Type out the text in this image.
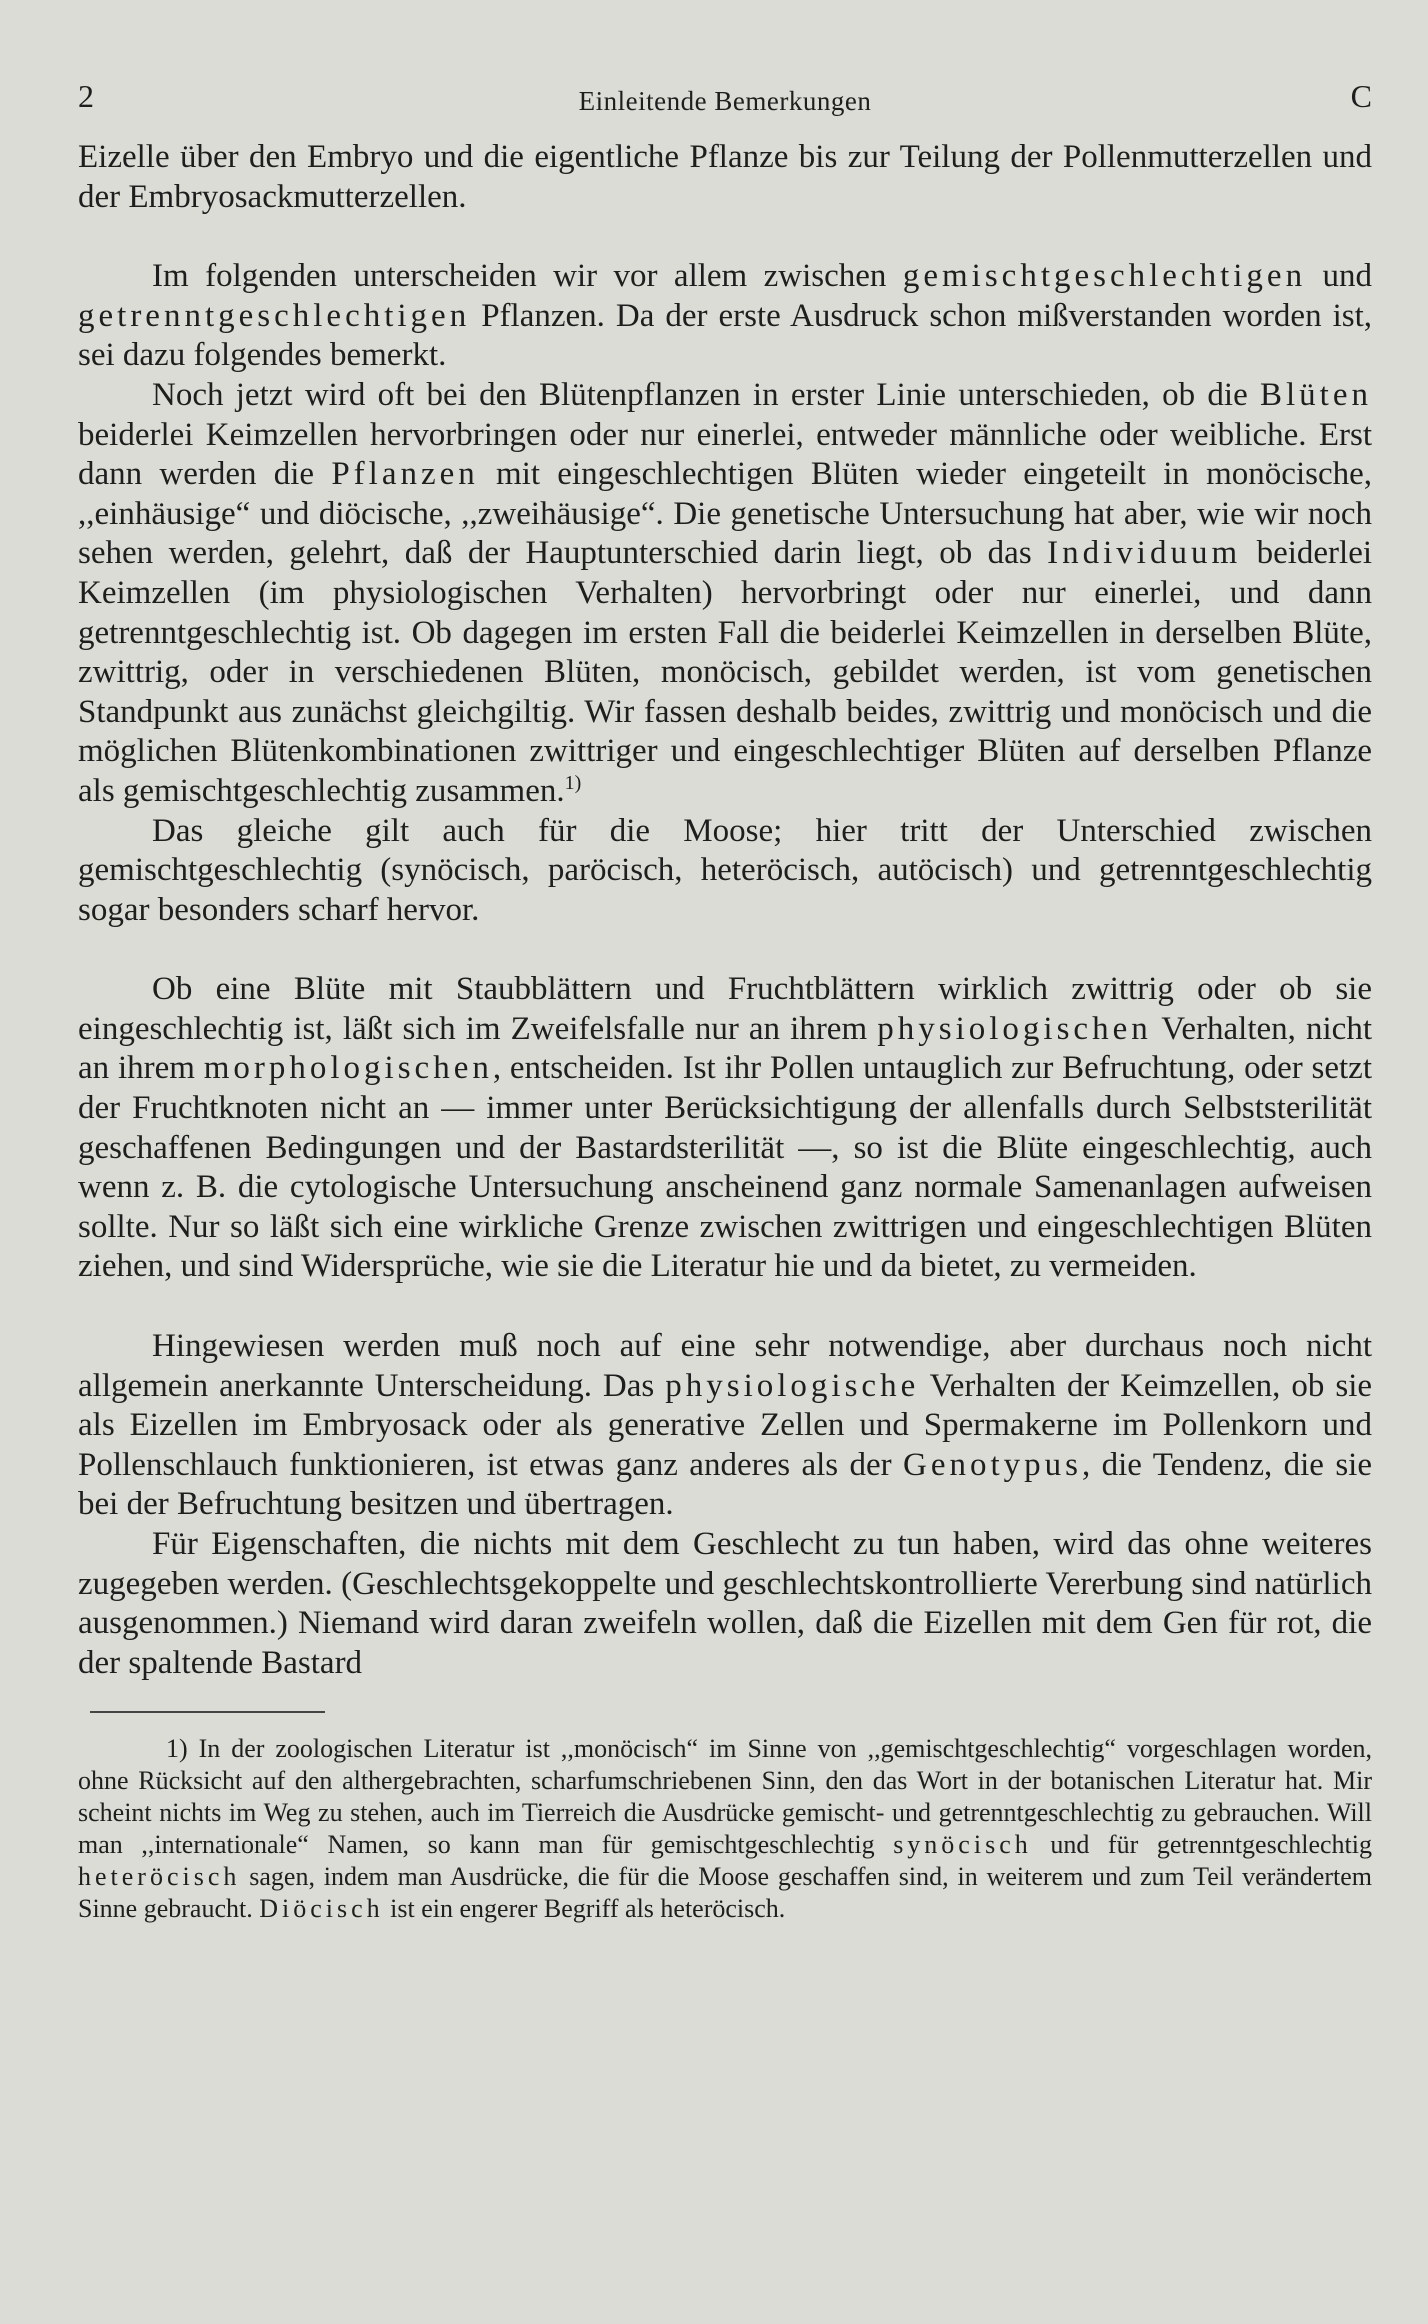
2	Einleitende Bemerkungen	C

Eizelle über den Embryo und die eigentliche Pflanze bis zur Teilung der Pollenmutterzellen und der Embryosackmutterzellen.

Im folgenden unterscheiden wir vor allem zwischen gemischtgeschlechtigen und getrenntgeschlechtigen Pflanzen. Da der erste Ausdruck schon mißverstanden worden ist, sei dazu folgendes bemerkt.

Noch jetzt wird oft bei den Blütenpflanzen in erster Linie unterschieden, ob die Blüten beiderlei Keimzellen hervorbringen oder nur einerlei, entweder männliche oder weibliche. Erst dann werden die Pflanzen mit eingeschlechtigen Blüten wieder eingeteilt in monöcische, ,,einhäusige“ und diöcische, ,,zweihäusige“. Die genetische Untersuchung hat aber, wie wir noch sehen werden, gelehrt, daß der Hauptunterschied darin liegt, ob das Individuum beiderlei Keimzellen (im physiologischen Verhalten) hervorbringt oder nur einerlei, und dann getrenntgeschlechtig ist. Ob dagegen im ersten Fall die beiderlei Keimzellen in derselben Blüte, zwittrig, oder in verschiedenen Blüten, monöcisch, gebildet werden, ist vom genetischen Standpunkt aus zunächst gleichgiltig. Wir fassen deshalb beides, zwittrig und monöcisch und die möglichen Blütenkombinationen zwittriger und eingeschlechtiger Blüten auf derselben Pflanze als gemischtgeschlechtig zusammen.$^{1)}$

Das gleiche gilt auch für die Moose; hier tritt der Unterschied zwischen gemischtgeschlechtig (synöcisch, paröcisch, heteröcisch, autöcisch) und getrenntgeschlechtig sogar besonders scharf hervor.

Ob eine Blüte mit Staubblättern und Fruchtblättern wirklich zwittrig oder ob sie eingeschlechtig ist, läßt sich im Zweifelsfalle nur an ihrem physiologischen Verhalten, nicht an ihrem morphologischen, entscheiden. Ist ihr Pollen untauglich zur Befruchtung, oder setzt der Fruchtknoten nicht an — immer unter Berücksichtigung der allenfalls durch Selbststerilität geschaffenen Bedingungen und der Bastardsterilität —, so ist die Blüte eingeschlechtig, auch wenn z. B. die cytologische Untersuchung anscheinend ganz normale Samenanlagen aufweisen sollte. Nur so läßt sich eine wirkliche Grenze zwischen zwittrigen und eingeschlechtigen Blüten ziehen, und sind Widersprüche, wie sie die Literatur hie und da bietet, zu vermeiden.

Hingewiesen werden muß noch auf eine sehr notwendige, aber durchaus noch nicht allgemein anerkannte Unterscheidung. Das physiologische Verhalten der Keimzellen, ob sie als Eizellen im Embryosack oder als generative Zellen und Spermakerne im Pollenkorn und Pollenschlauch funktionieren, ist etwas ganz anderes als der Genotypus, die Tendenz, die sie bei der Befruchtung besitzen und übertragen.

Für Eigenschaften, die nichts mit dem Geschlecht zu tun haben, wird das ohne weiteres zugegeben werden. (Geschlechtsgekoppelte und geschlechtskontrollierte Vererbung sind natürlich ausgenommen.) Niemand wird daran zweifeln wollen, daß die Eizellen mit dem Gen für rot, die der spaltende Bastard

1) In der zoologischen Literatur ist ,,monöcisch“ im Sinne von ,,gemischtgeschlechtig“ vorgeschlagen worden, ohne Rücksicht auf den althergebrachten, scharfumschriebenen Sinn, den das Wort in der botanischen Literatur hat. Mir scheint nichts im Weg zu stehen, auch im Tierreich die Ausdrücke gemischt- und getrenntgeschlechtig zu gebrauchen. Will man ,,internationale“ Namen, so kann man für gemischtgeschlechtig synöcisch und für getrenntgeschlechtig heteröcisch sagen, indem man Ausdrücke, die für die Moose geschaffen sind, in weiterem und zum Teil verändertem Sinne gebraucht. Diöcisch ist ein engerer Begriff als heteröcisch.
